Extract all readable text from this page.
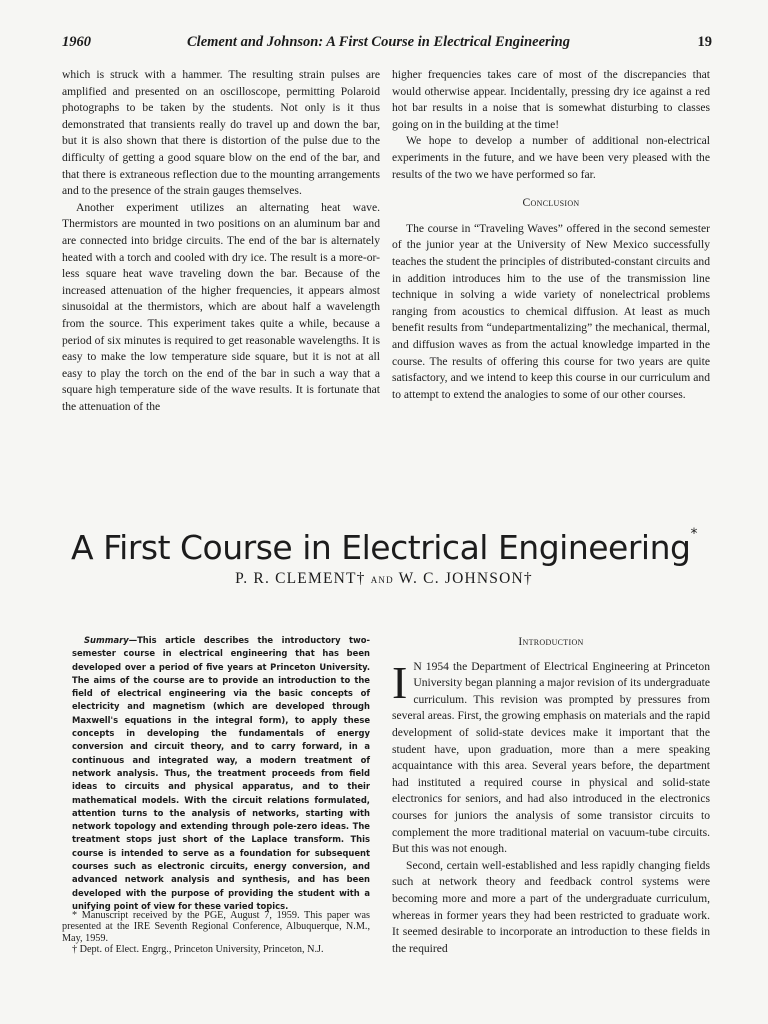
1960	Clement and Johnson: A First Course in Electrical Engineering	19

which is struck with a hammer. The resulting strain pulses are amplified and presented on an oscilloscope, permitting Polaroid photographs to be taken by the students. Not only is it thus demonstrated that transients really do travel up and down the bar, but it is also shown that there is distortion of the pulse due to the difficulty of getting a good square blow on the end of the bar, and that there is extraneous reflection due to the mounting arrangements and to the presence of the strain gauges themselves.

Another experiment utilizes an alternating heat wave. Thermistors are mounted in two positions on an aluminum bar and are connected into bridge circuits. The end of the bar is alternately heated with a torch and cooled with dry ice. The result is a more-or-less square heat wave traveling down the bar. Because of the increased attenuation of the higher frequencies, it appears almost sinusoidal at the thermistors, which are about half a wavelength from the source. This experiment takes quite a while, because a period of six minutes is required to get reasonable wavelengths. It is easy to make the low temperature side square, but it is not at all easy to play the torch on the end of the bar in such a way that a square high temperature side of the wave results. It is fortunate that the attenuation of the

higher frequencies takes care of most of the discrepancies that would otherwise appear. Incidentally, pressing dry ice against a red hot bar results in a noise that is somewhat disturbing to classes going on in the building at the time!

We hope to develop a number of additional non-electrical experiments in the future, and we have been very pleased with the results of the two we have performed so far.

Conclusion

The course in “Traveling Waves” offered in the second semester of the junior year at the University of New Mexico successfully teaches the student the principles of distributed-constant circuits and in addition introduces him to the use of the transmission line technique in solving a wide variety of nonelectrical problems ranging from acoustics to chemical diffusion. At least as much benefit results from “undepartmentalizing” the mechanical, thermal, and diffusion waves as from the actual knowledge imparted in the course. The results of offering this course for two years are quite satisfactory, and we intend to keep this course in our curriculum and to attempt to extend the analogies to some of our other courses.

A First Course in Electrical Engineering*
P. R. CLEMENT† and W. C. JOHNSON†

Summary—This article describes the introductory two-semester course in electrical engineering that has been developed over a period of five years at Princeton University. The aims of the course are to provide an introduction to the field of electrical engineering via the basic concepts of electricity and magnetism (which are developed through Maxwell's equations in the integral form), to apply these concepts in developing the fundamentals of energy conversion and circuit theory, and to carry forward, in a continuous and integrated way, a modern treatment of network analysis. Thus, the treatment proceeds from field ideas to circuits and physical apparatus, and to their mathematical models. With the circuit relations formulated, attention turns to the analysis of networks, starting with network topology and extending through pole-zero ideas. The treatment stops just short of the Laplace transform. This course is intended to serve as a foundation for subsequent courses such as electronic circuits, energy conversion, and advanced network analysis and synthesis, and has been developed with the purpose of providing the student with a unifying point of view for these varied topics.

* Manuscript received by the PGE, August 7, 1959. This paper was presented at the IRE Seventh Regional Conference, Albuquerque, N.M., May, 1959.

† Dept. of Elect. Engrg., Princeton University, Princeton, N.J.

Introduction
I N 1954 the Department of Electrical Engineering at Princeton University began planning a major revision of its undergraduate curriculum. This revision was prompted by pressures from several areas. First, the growing emphasis on materials and the rapid development of solid-state devices make it important that the student have, upon graduation, more than a mere speaking acquaintance with this area. Several years before, the department had instituted a required course in physical and solid-state electronics for seniors, and had also introduced in the electronics courses for juniors the analysis of some transistor circuits to complement the more traditional material on vacuum-tube circuits. But this was not enough.

Second, certain well-established and less rapidly changing fields such at network theory and feedback control systems were becoming more and more a part of the undergraduate curriculum, whereas in former years they had been restricted to graduate work. It seemed desirable to incorporate an introduction to these fields in the required
